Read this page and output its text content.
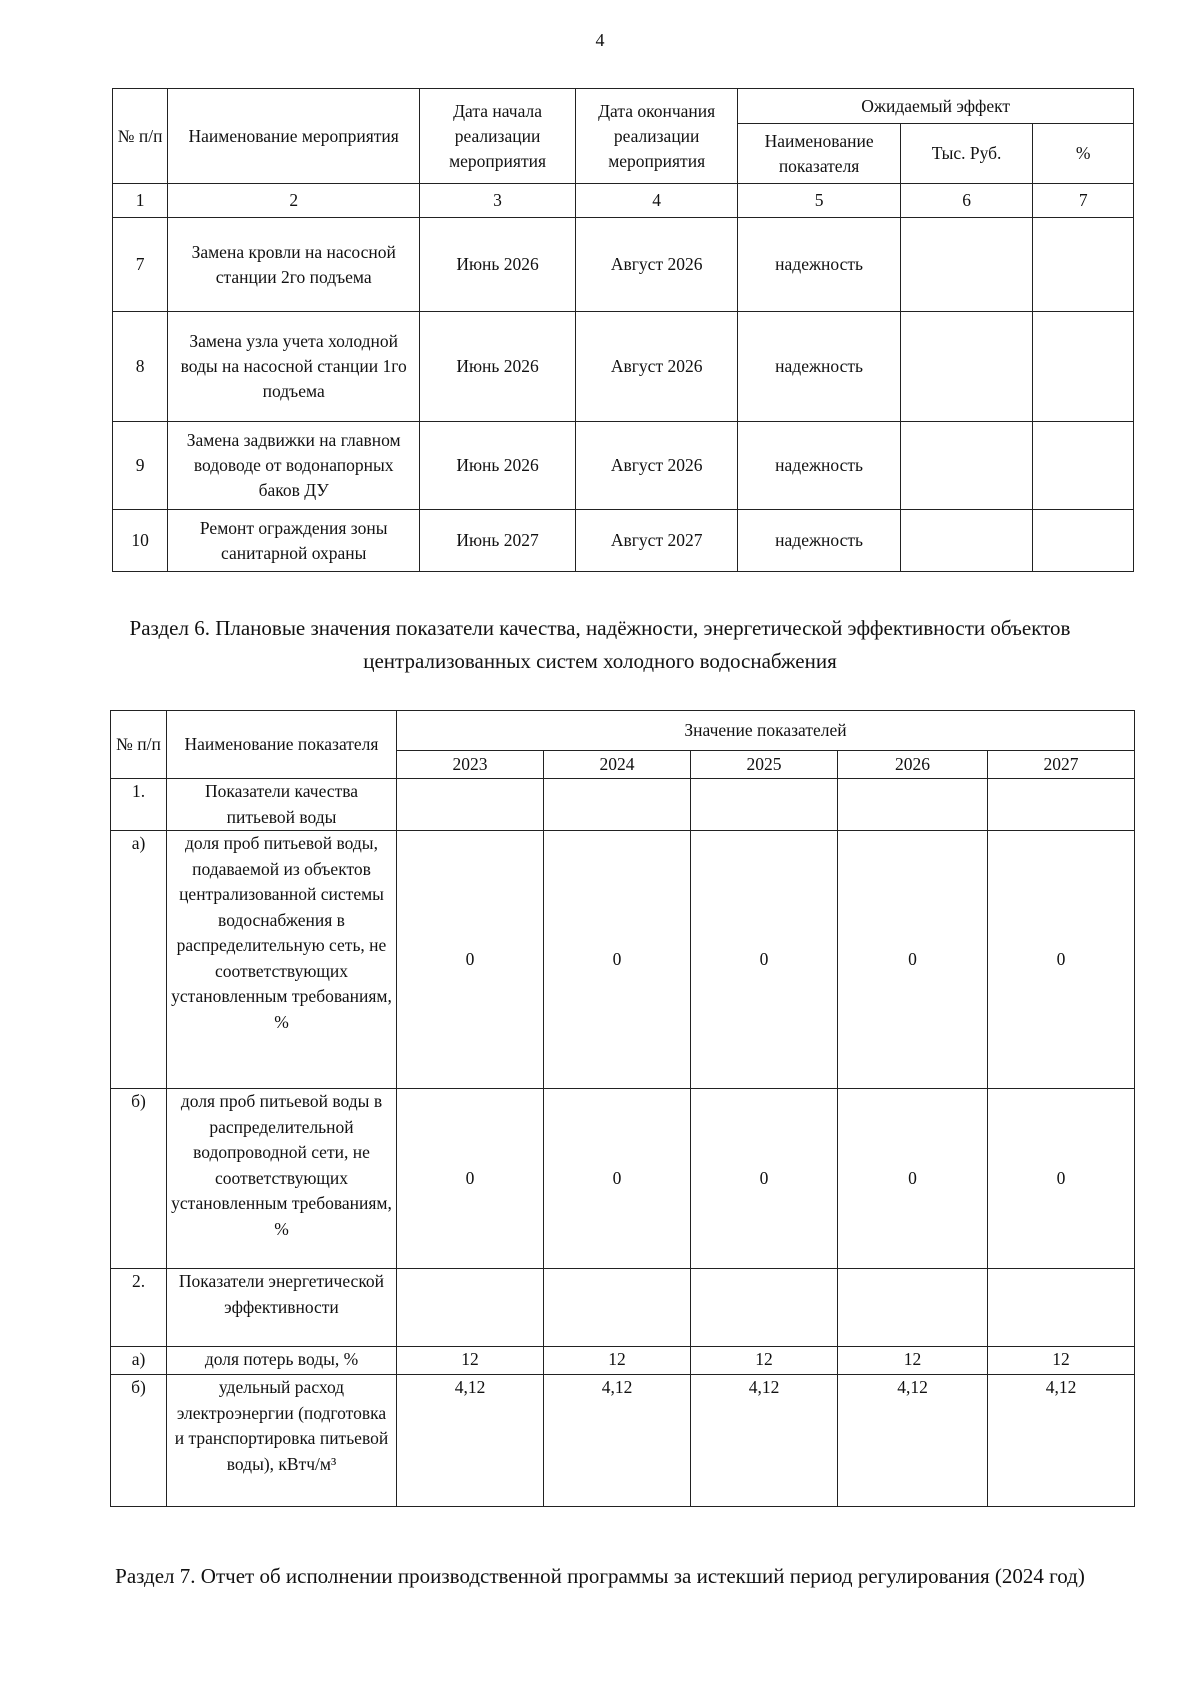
4
№ п/п	Наименование мероприятия	Дата начала реализации мероприятия	Дата окончания реализации мероприятия	Ожидаемый эффект		
				Наименование показателя	Тыс. Руб.	%
1	2	3	4	5	6	7
7	Замена кровли на насосной станции 2го подъема	Июнь 2026	Август 2026	надежность		
8	Замена узла учета холодной воды на насосной станции 1го подъема	Июнь 2026	Август 2026	надежность		
9	Замена задвижки на главном водоводе от водонапорных баков ДУ	Июнь 2026	Август 2026	надежность		
10	Ремонт ограждения зоны санитарной охраны	Июнь 2027	Август 2027	надежность		
Раздел 6. Плановые значения показатели качества, надёжности, энергетической эффективности объектов централизованных систем холодного водоснабжения
№ п/п	Наименование показателя	Значение показателей				
		2023	2024	2025	2026	2027
1.	Показатели качества питьевой воды					
а)	доля проб питьевой воды, подаваемой из объектов централизованной системы водоснабжения в распределительную сеть, не соответствующих установленным требованиям, %	0	0	0	0	0
б)	доля проб питьевой воды в распределительной водопроводной сети, не соответствующих установленным требованиям, %	0	0	0	0	0
2.	Показатели энергетической эффективности					
а)	доля потерь воды, %	12	12	12	12	12
б)	удельный расход электроэнергии (подготовка и транспортировка питьевой воды), кВтч/м³	4,12	4,12	4,12	4,12	4,12
Раздел 7. Отчет об исполнении производственной программы за истекший период регулирования (2024 год)
